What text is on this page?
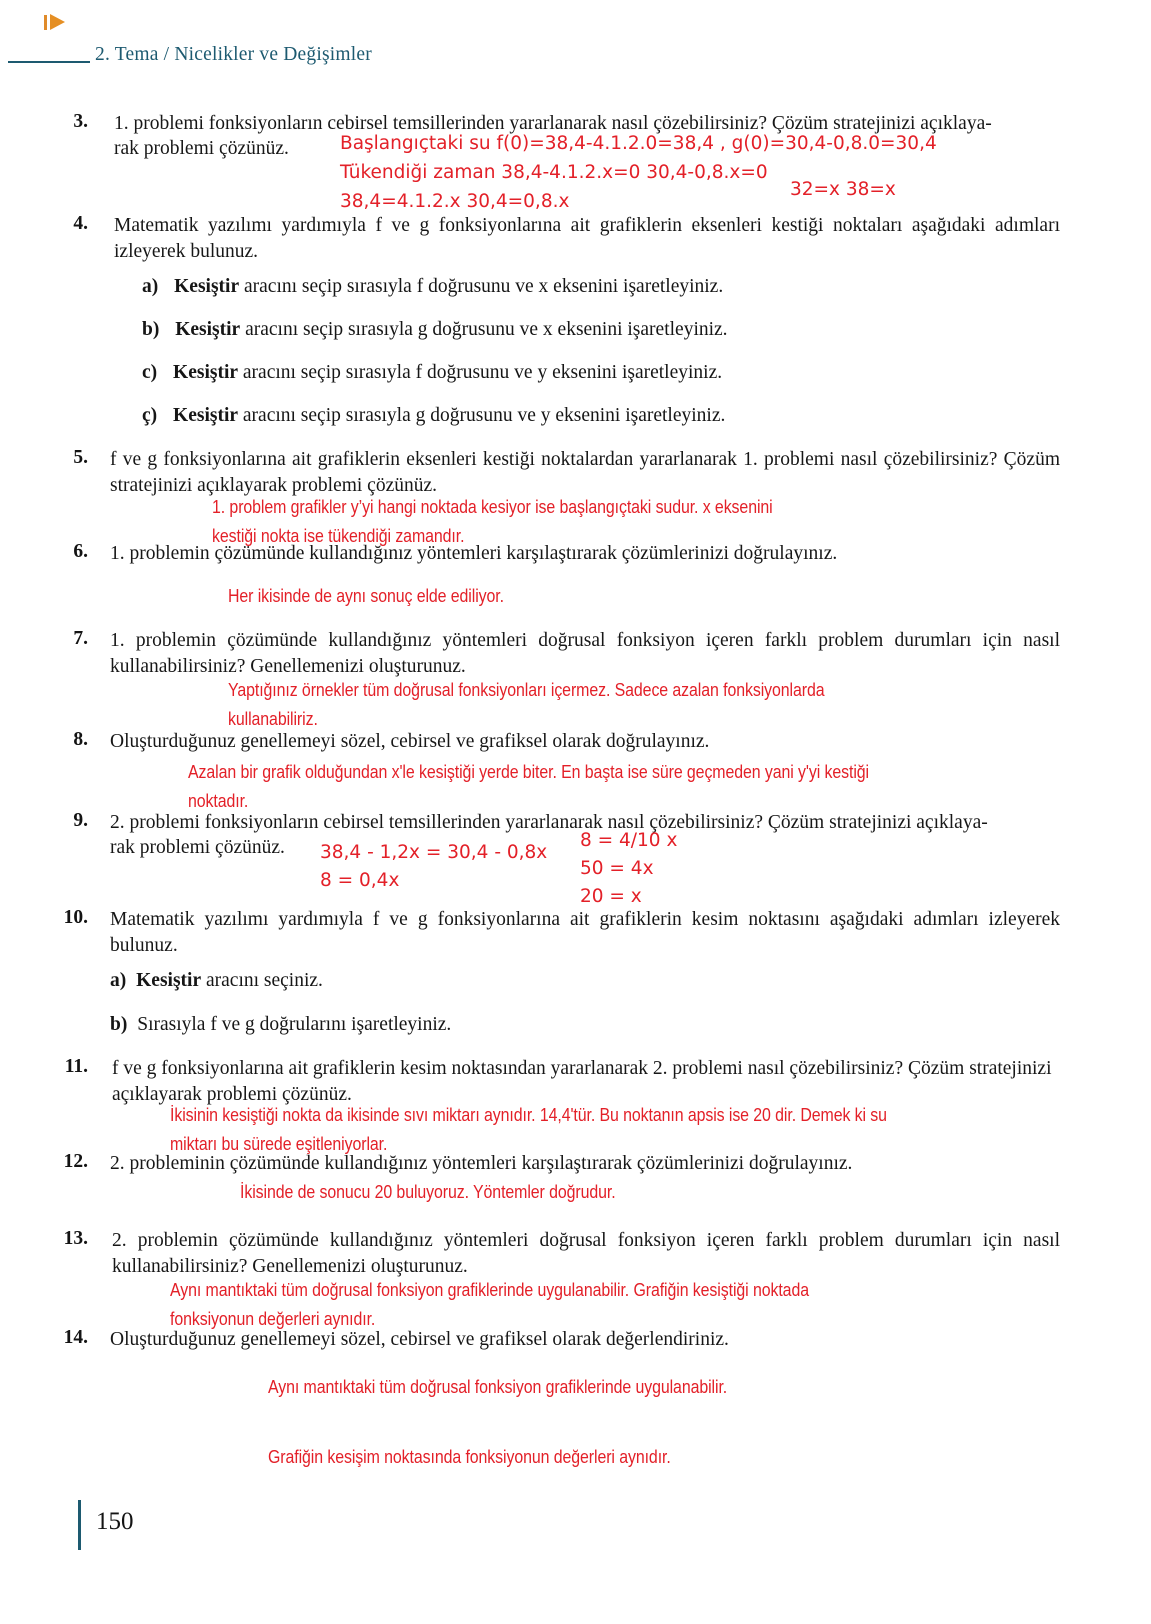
2. Tema / Nicelikler ve Değişimler
3. 1. problemi fonksiyonların cebirsel temsillerinden yararlanarak nasıl çözebilirsiniz? Çözüm stratejinizi açıklaya-
rak problemi çözünüz.	Başlangıçtaki su f(0)=38,4-4.1.2.0=38,4 , g(0)=30,4-0,8.0=30,4
Tükendiği zaman 38,4-4.1.2.x=0 30,4-0,8.x=0
38,4=4.1.2.x 30,4=0,8.x
32=x 38=x
4. Matematik yazılımı yardımıyla f ve g fonksiyonlarına ait grafiklerin eksenleri kestiği noktaları aşağıdaki adımları izleyerek bulunuz.
a) Kesiştir aracını seçip sırasıyla f doğrusunu ve x eksenini işaretleyiniz.
b) Kesiştir aracını seçip sırasıyla g doğrusunu ve x eksenini işaretleyiniz.
c) Kesiştir aracını seçip sırasıyla f doğrusunu ve y eksenini işaretleyiniz.
ç) Kesiştir aracını seçip sırasıyla g doğrusunu ve y eksenini işaretleyiniz.
5. f ve g fonksiyonlarına ait grafiklerin eksenleri kestiği noktalardan yararlanarak 1. problemi nasıl çözebilirsiniz? Çözüm stratejinizi açıklayarak problemi çözünüz.
1. problem grafikler y’yi hangi noktada kesiyor ise başlangıçtaki sudur. x eksenini
kestiği nokta ise tükendiği zamandır.
6. 1. problemin çözümünde kullandığınız yöntemleri karşılaştırarak çözümlerinizi doğrulayınız.
Her ikisinde de aynı sonuç elde ediliyor.
7. 1. problemin çözümünde kullandığınız yöntemleri doğrusal fonksiyon içeren farklı problem durumları için nasıl kullanabilirsiniz? Genellemenizi oluşturunuz.
Yaptığınız örnekler tüm doğrusal fonksiyonları içermez. Sadece azalan fonksiyonlarda
kullanabiliriz.
8. Oluşturduğunuz genellemeyi sözel, cebirsel ve grafiksel olarak doğrulayınız.
Azalan bir grafik olduğundan x'le kesiştiği yerde biter. En başta ise süre geçmeden yani y'yi kestiği
noktadır.
9. 2. problemi fonksiyonların cebirsel temsillerinden yararlanarak nasıl çözebilirsiniz? Çözüm stratejinizi açıklaya-
rak problemi çözünüz.	38,4 - 1,2x = 30,4 - 0,8x
8 = 0,4x
8 = 4/10 x
50 = 4x
20 = x
10. Matematik yazılımı yardımıyla f ve g fonksiyonlarına ait grafiklerin kesim noktasını aşağıdaki adımları izleyerek bulunuz.
a) Kesiştir aracını seçiniz.
b) Sırasıyla f ve g doğrularını işaretleyiniz.
11. f ve g fonksiyonlarına ait grafiklerin kesim noktasından yararlanarak 2. problemi nasıl çözebilirsiniz? Çözüm stratejinizi açıklayarak problemi çözünüz.
İkisinin kesiştiği nokta da ikisinde sıvı miktarı aynıdır. 14,4'tür. Bu noktanın apsis ise 20 dir. Demek ki su
miktarı bu sürede eşitleniyorlar.
12. 2. probleminin çözümünde kullandığınız yöntemleri karşılaştırarak çözümlerinizi doğrulayınız.
İkisinde de sonucu 20 buluyoruz. Yöntemler doğrudur.
13. 2. problemin çözümünde kullandığınız yöntemleri doğrusal fonksiyon içeren farklı problem durumları için nasıl kullanabilirsiniz? Genellemenizi oluşturunuz.
Aynı mantıktaki tüm doğrusal fonksiyon grafiklerinde uygulanabilir. Grafiğin kesiştiği noktada
fonksiyonun değerleri aynıdır.
14. Oluşturduğunuz genellemeyi sözel, cebirsel ve grafiksel olarak değerlendiriniz.
Aynı mantıktaki tüm doğrusal fonksiyon grafiklerinde uygulanabilir.
Grafiğin kesişim noktasında fonksiyonun değerleri aynıdır.
150
